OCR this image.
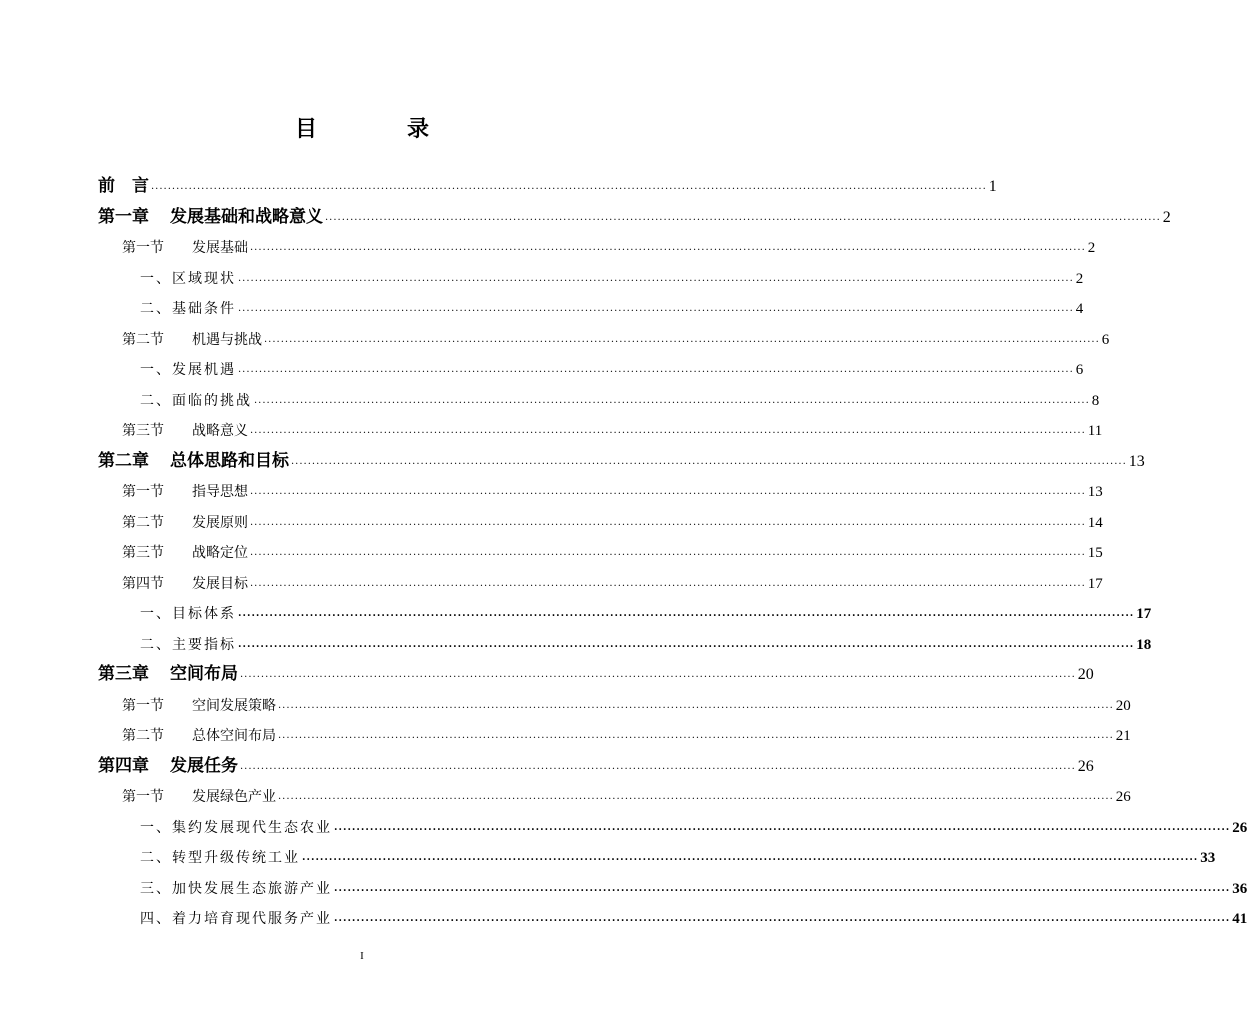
目　录
前　言 ........................................................................................................................................................................................................ 1
第一章	发展基础和战略意义 ........................................................................................................................................................................................................ 2
第一节	发展基础 ........................................................................................................................................................................................................ 2
一、 区域现状 ........................................................................................................................................................................................................ 2
二、 基础条件 ........................................................................................................................................................................................................ 4
第二节	机遇与挑战 ........................................................................................................................................................................................................ 6
一、 发展机遇 ........................................................................................................................................................................................................ 6
二、 面临的挑战 ........................................................................................................................................................................................................ 8
第三节	战略意义 ........................................................................................................................................................................................................ 11
第二章	总体思路和目标 ........................................................................................................................................................................................................ 13
第一节	指导思想 ........................................................................................................................................................................................................ 13
第二节	发展原则 ........................................................................................................................................................................................................ 14
第三节	战略定位 ........................................................................................................................................................................................................ 15
第四节	发展目标 ........................................................................................................................................................................................................ 17
一、 目标体系 ........................................................................................................................................................................................................ 17
二、 主要指标 ........................................................................................................................................................................................................ 18
第三章	空间布局 ........................................................................................................................................................................................................ 20
第一节	空间发展策略 ........................................................................................................................................................................................................ 20
第二节	总体空间布局 ........................................................................................................................................................................................................ 21
第四章	发展任务 ........................................................................................................................................................................................................ 26
第一节	发展绿色产业 ........................................................................................................................................................................................................ 26
一、 集约发展现代生态农业 ........................................................................................................................................................................................................ 26
二、 转型升级传统工业 ........................................................................................................................................................................................................ 33
三、 加快发展生态旅游产业 ........................................................................................................................................................................................................ 36
四、 着力培育现代服务产业 ........................................................................................................................................................................................................ 41
I
